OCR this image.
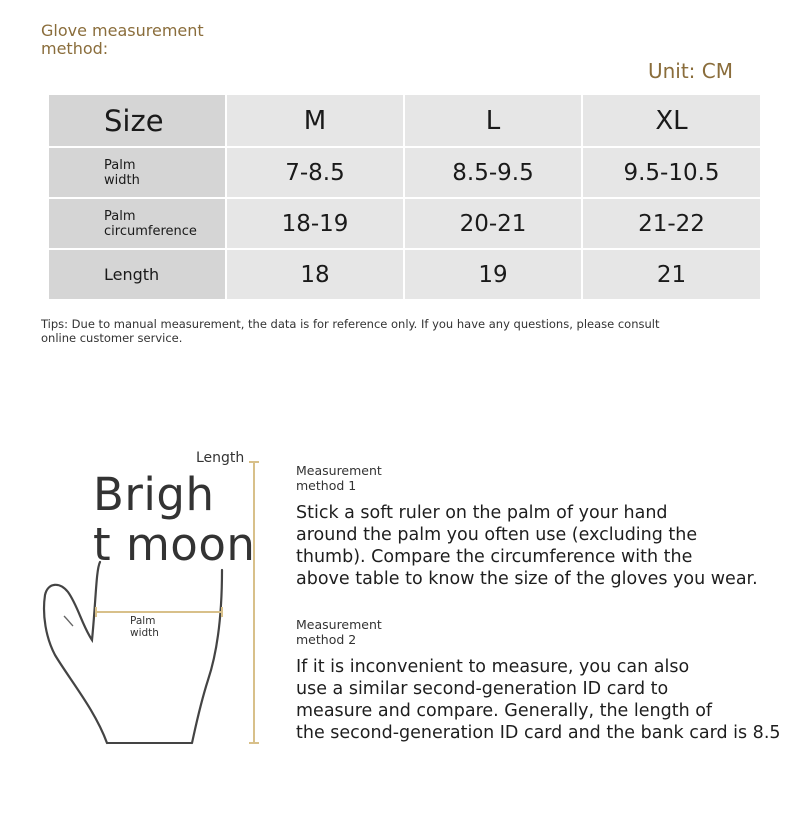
Glove measurement
method:
Unit: CM
Size	M	L	XL

Palm
width	7-8.5	8.5-9.5	9.5-10.5

Palm
circumference	18-19	20-21	21-22
Length	18	19	21
Tips: Due to manual measurement, the data is for reference only. If you have any questions, please consult
online customer service.
Length
Brigh
t moon
Palm
width
Measurement
method 1
Stick a soft ruler on the palm of your hand
around the palm you often use (excluding the
thumb). Compare the circumference with the
above table to know the size of the gloves you wear.
Measurement
method 2
If it is inconvenient to measure, you can also
use a similar second-generation ID card to
measure and compare. Generally, the length of
the second-generation ID card and the bank card is 8.5
